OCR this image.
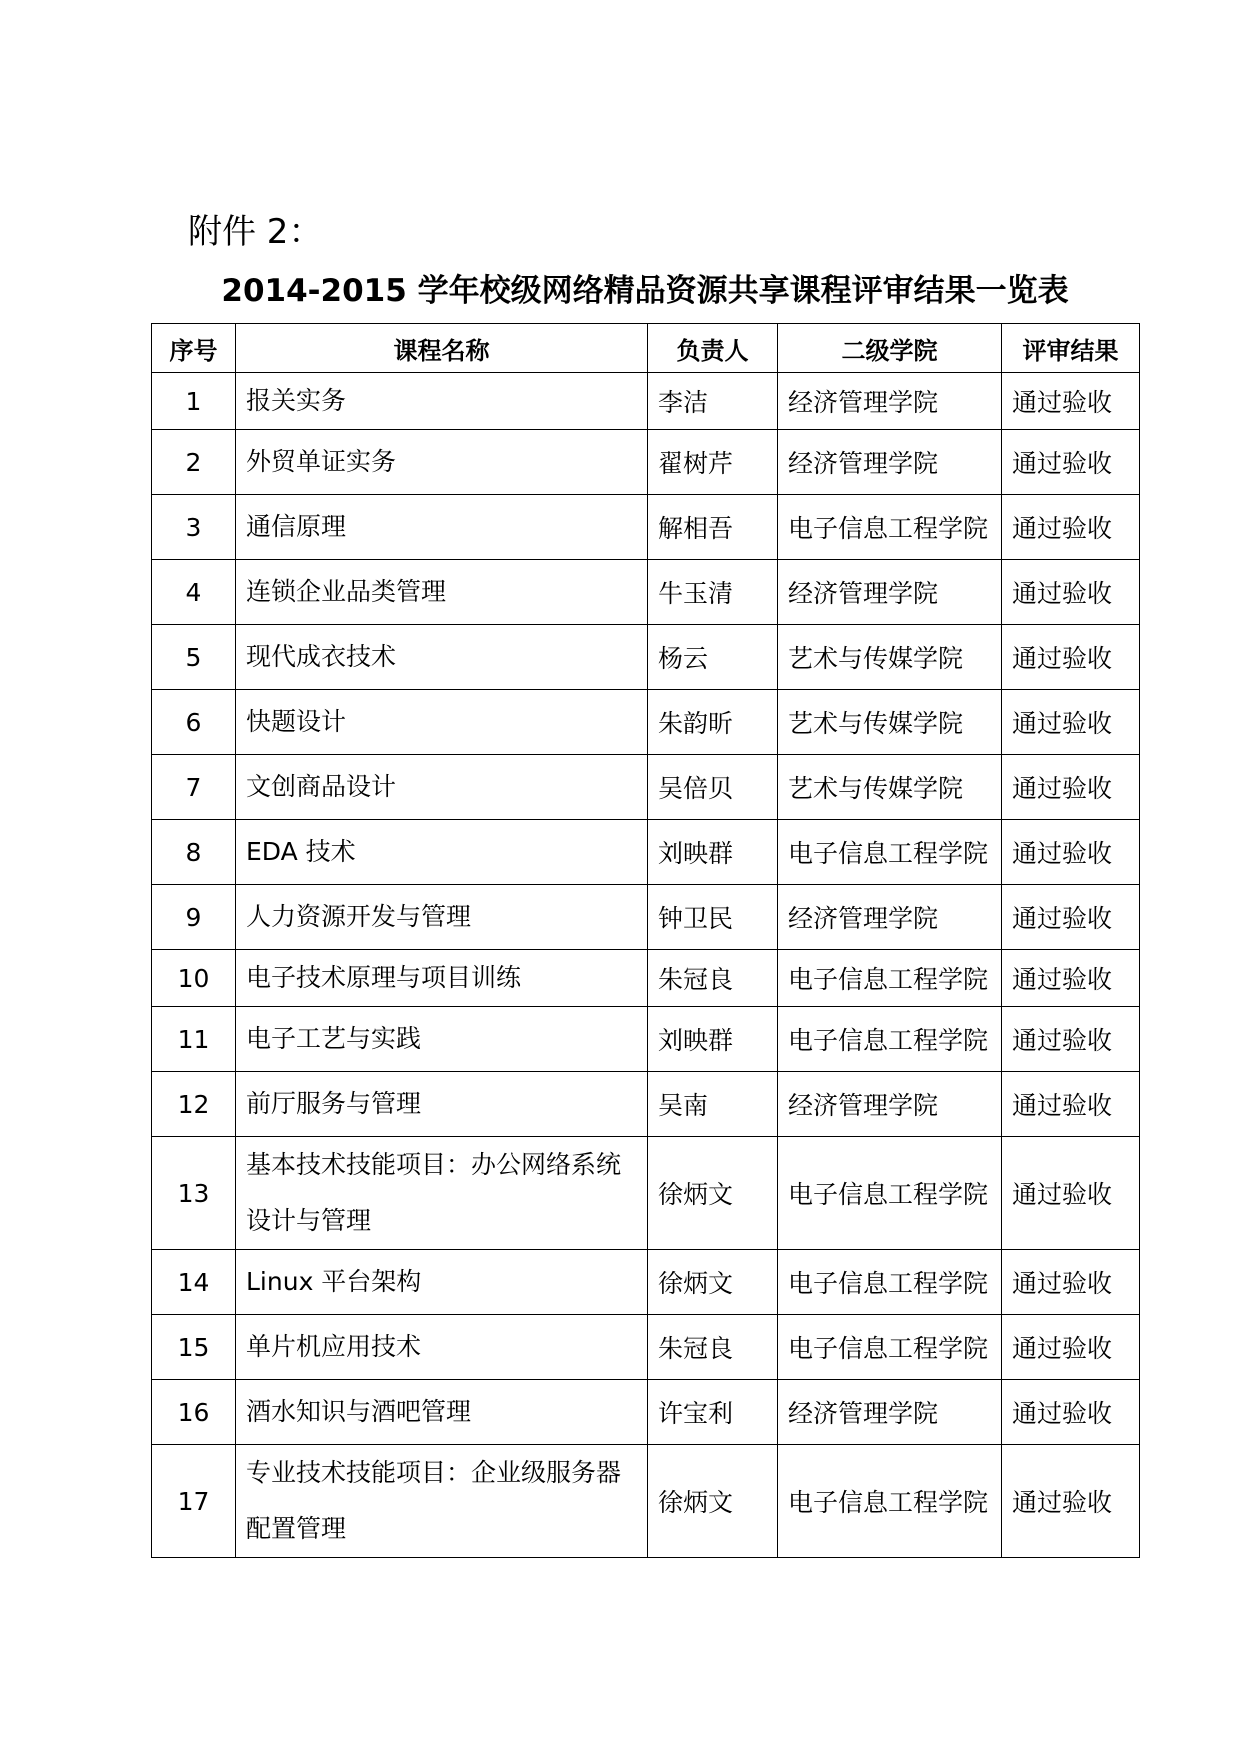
附件 2：

2014-2015 学年校级网络精品资源共享课程评审结果一览表
序号	课程名称	负责人	二级学院	评审结果
1	报关实务	李洁	经济管理学院	通过验收
2	外贸单证实务	翟树芹	经济管理学院	通过验收
3	通信原理	解相吾	电子信息工程学院	通过验收
4	连锁企业品类管理	牛玉清	经济管理学院	通过验收
5	现代成衣技术	杨云	艺术与传媒学院	通过验收
6	快题设计	朱韵昕	艺术与传媒学院	通过验收
7	文创商品设计	吴倍贝	艺术与传媒学院	通过验收
8	EDA 技术	刘映群	电子信息工程学院	通过验收
9	人力资源开发与管理	钟卫民	经济管理学院	通过验收
10	电子技术原理与项目训练	朱冠良	电子信息工程学院	通过验收
11	电子工艺与实践	刘映群	电子信息工程学院	通过验收
12	前厅服务与管理	吴南	经济管理学院	通过验收
13	基本技术技能项目：办公网络系统设计与管理	徐炳文	电子信息工程学院	通过验收
14	Linux 平台架构	徐炳文	电子信息工程学院	通过验收
15	单片机应用技术	朱冠良	电子信息工程学院	通过验收
16	酒水知识与酒吧管理	许宝利	经济管理学院	通过验收
17	专业技术技能项目：企业级服务器配置管理	徐炳文	电子信息工程学院	通过验收
